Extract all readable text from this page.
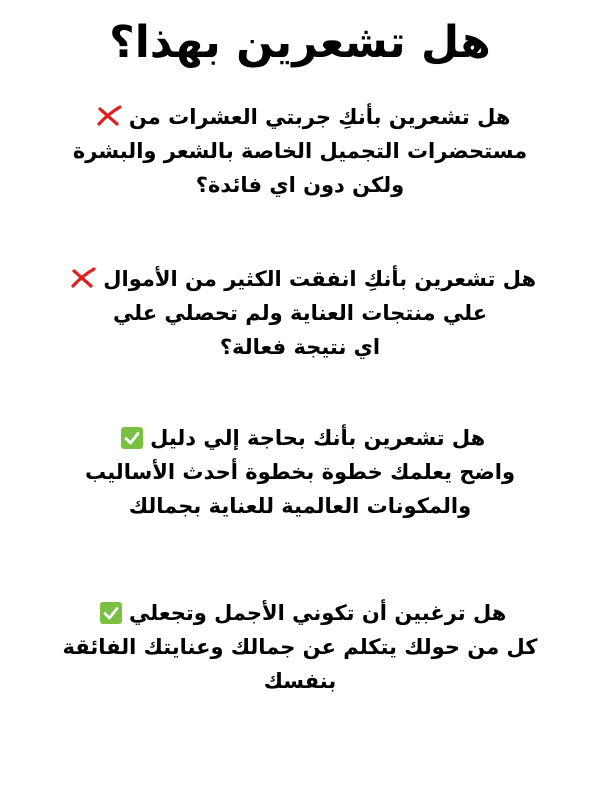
هل تشعرين بهذا؟
هل تشعرين بأنكِ جربتي العشرات من
مستحضرات التجميل الخاصة بالشعر والبشرة
ولكن دون اي فائدة؟
هل تشعرين بأنكِ انفقت الكثير من الأموال
علي منتجات العناية ولم تحصلي علي
اي نتيجة فعالة؟
هل تشعرين بأنك بحاجة إلي دليل
واضح يعلمك خطوة بخطوة أحدث الأساليب
والمكونات العالمية للعناية بجمالك
هل ترغبين أن تكوني الأجمل وتجعلي
كل من حولك يتكلم عن جمالك وعنايتك الفائقة
بنفسك
